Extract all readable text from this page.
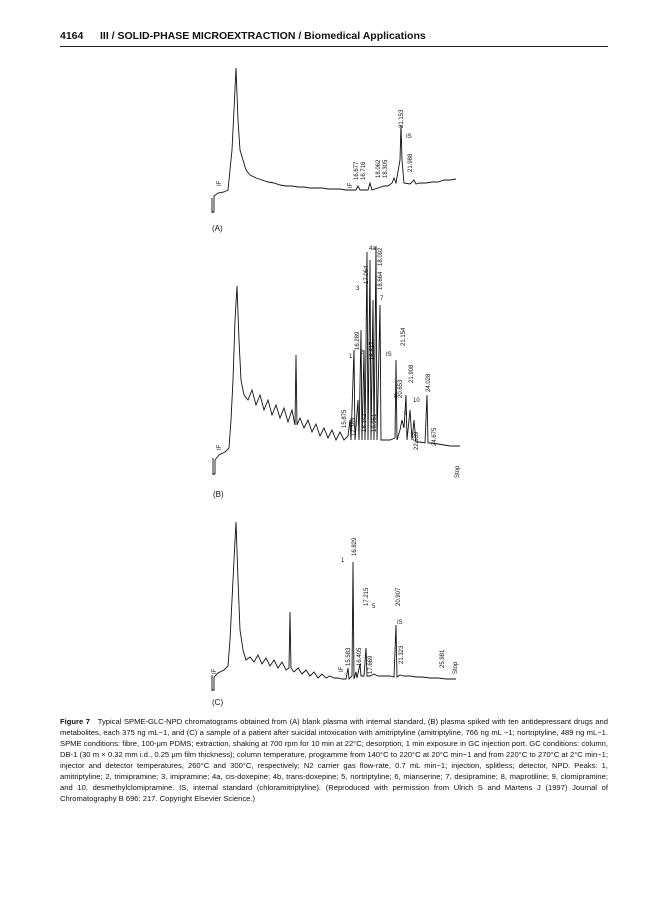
4164 III / SOLID-PHASE MICROEXTRACTION / Biomedical Applications
(A)
IF	IF
16.677 16.716 18.062 18.305
21.153
IS
21.988
(B)
IF
Stop
16.289
1	16.817
2
17.064
3
18.092
4a
18.664
7
21.154
IS
20.653
8
21.908
9
24.028
10
22.539 24.675
18.951
15.875 17.385 18.342
(C)
IF	Stop
16.829
1
17.215
5
20.907
IS
16.405
15.583
IF	17.669
21.323	25.981
Figure 7 Typical SPME-GLC-NPD chromatograms obtained from (A) blank plasma with internal standard, (B) plasma spiked with ten antidepressant drugs and metabolites, each 375 ng mL−1, and (C) a sample of a patient after suicidal intoxication with amitriptyline (amitriptyline, 766 ng mL −1; nortriptyline, 489 ng mL−1. SPME conditions: fibre, 100-μm PDMS; extraction, shaking at 700 rpm for 10 min at 22°C; desorption, 1 min exposure in GC injection port. GC conditions: column, DB-1 (30 m × 0.32 mm i.d., 0.25 μm film thickness); column temperature, programme from 140°C to 220°C at 20°C min−1 and from 220°C to 270°C at 2°C min−1; injector and detector temperatures, 260°C and 300°C, respectively; N2 carrier gas flow-rate, 0.7 mL min−1; injection, splitless; detector, NPD. Peaks: 1, amitriptyline; 2, trimipramine; 3, imipramine; 4a, cis-doxepine; 4b, trans-doxepine; 5, nortriptyline; 6, mianserine; 7, desipramine; 8, maprotiline; 9, clomipramine; and 10, desmethylclomipramine. IS, internal standard (chloramitriptyline). (Reproduced with permission from Ulrich S and Martens J (1997) Journal of Chromatography B 696: 217. Copyright Elsevier Science.)
